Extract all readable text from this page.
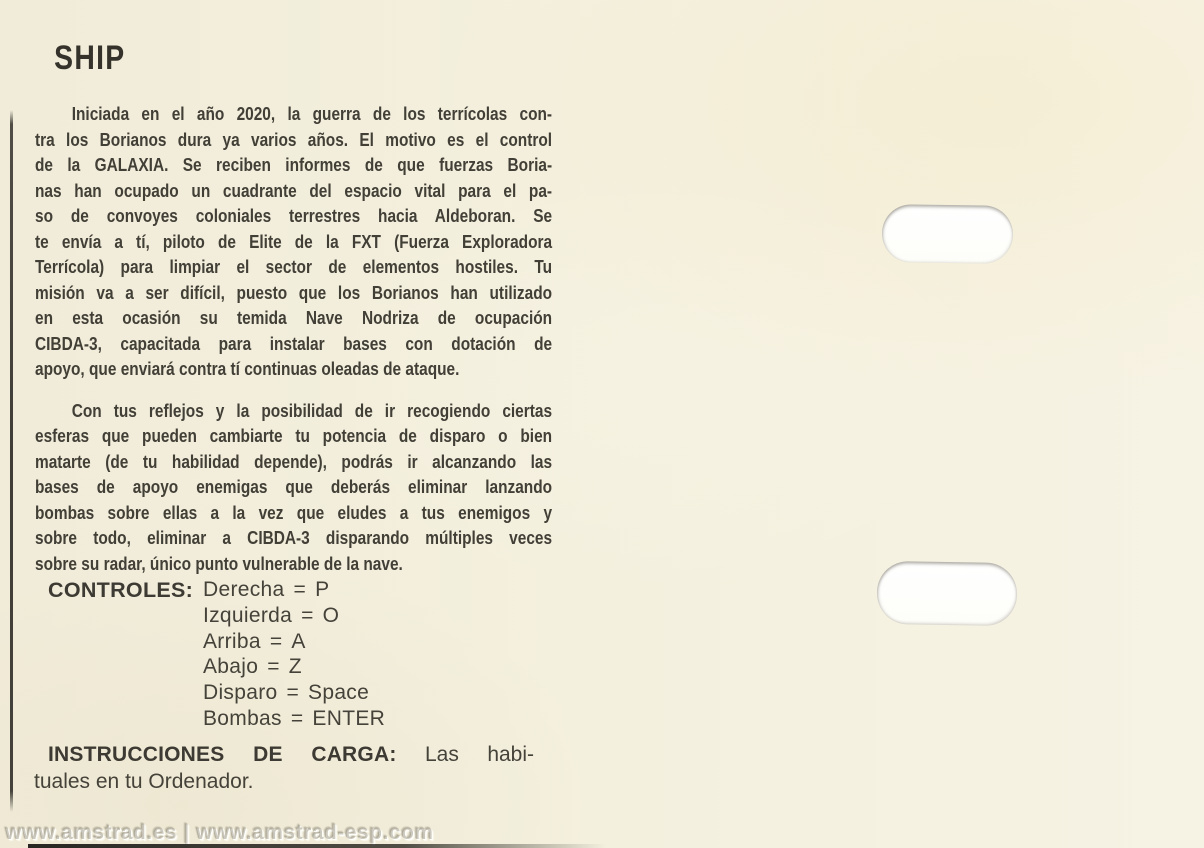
SHIP
Iniciada en el año 2020, la guerra de los terrícolas con-
tra los Borianos dura ya varios años. El motivo es el control
de la GALAXIA. Se reciben informes de que fuerzas Boria-
nas han ocupado un cuadrante del espacio vital para el pa-
so de convoyes coloniales terrestres hacia Aldeboran. Se
te envía a tí, piloto de Elite de la FXT (Fuerza Exploradora
Terrícola) para limpiar el sector de elementos hostiles. Tu
misión va a ser difícil, puesto que los Borianos han utilizado
en esta ocasión su temida Nave Nodriza de ocupación
CIBDA-3, capacitada para instalar bases con dotación de
apoyo, que enviará contra tí continuas oleadas de ataque.
Con tus reflejos y la posibilidad de ir recogiendo ciertas
esferas que pueden cambiarte tu potencia de disparo o bien
matarte (de tu habilidad depende), podrás ir alcanzando las
bases de apoyo enemigas que deberás eliminar lanzando
bombas sobre ellas a la vez que eludes a tus enemigos y
sobre todo, eliminar a CIBDA-3 disparando múltiples veces
sobre su radar, único punto vulnerable de la nave.
CONTROLES: Derecha = P
Izquierda = O
Arriba = A
Abajo = Z
Disparo = Space
Bombas = ENTER
INSTRUCCIONES DE CARGA: Las habi-
tuales en tu Ordenador.
www.amstrad.es | www.amstrad-esp.com
